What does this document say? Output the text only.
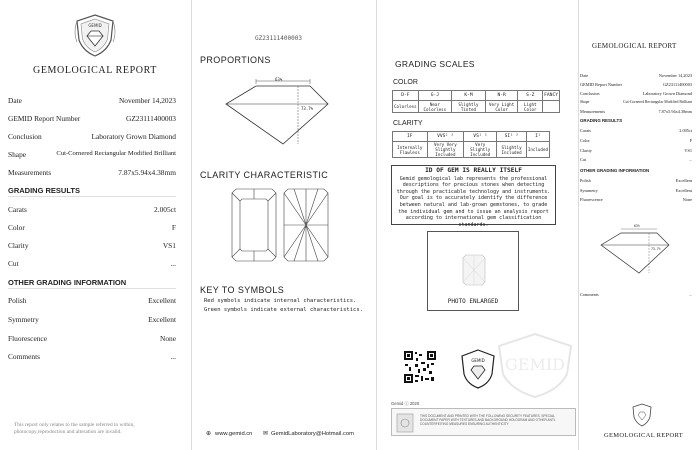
GEMID
GEMOLOGICAL REPORT
Date	November 14,2023
GEMID Report Number	GZ23111400003
Conclusion	Laboratory Grown Diamond
Shape	Cut-Cornered Rectangular Modified Brilliant
Measurements	7.87x5.94x4.38mm
GRADING RESULTS
Carats	2.005ct
Color	F
Clarity	VS1
Cut	...
OTHER GRADING INFORMATION
Polish	Excellent
Symmetry	Excellent
Fluorescence	None
Comments	...
This report only relates to the sample referred to within, photocopy,reproduction and alteration are invalid.
GZ23111400003
PROPORTIONS
63%
73.7%
CLARITY CHARACTERISTIC
KEY TO SYMBOLS
Red symbols indicate internal characteristics.
Green symbols indicate external characteristics.
⊕ www.gemid.cn ✉ GemidLaboratory@Hotmail.com
GRADING SCALES
COLOR
D-F	G-J	K-M	N-R	S-Z	FANCY
Colorless	Near Colorless	Slightly Tinted	Very Light Color	Light Color	
CLARITY
IF	VVS¹ ²	VS¹ ²	SI¹ ²	I¹
Internally Flawless	Very Very Slightly Included	Very Slightly Included	Slightly Included	Included
ID OF GEM IS REALLY ITSELF
Gemid gemological lab represents the professional descriptions for precious stones when detecting through the practicable technology and instruments. Our goal is to accurately identify the difference between natural and lab-grown gemstones, to grade the individual gem and to issue an analysis report according to international gem classification standards.
PHOTO ENLARGED
GEMID GEMID
Gemid ⓒ 2020
THIS DOCUMENT AND PRINTED WITH THE FOLLOWING SECURITY FEATURES. SPECIAL DOCUMENT PAPER WITH TEXTURES AND BACKGROUND HOLOGRAM AND OTHER ANTI-COUNTERFEITING MEASURES ENSURING AUTHENTICITY
GEMOLOGICAL REPORT
Date	November 14,2023
GEMID Report Number	GZ23111400003
Conclusion	Laboratory Grown Diamond
Shape	Cut-Cornered Rectangular Modified Brilliant
Measurements	7.87x5.94x4.38mm
GRADING RESULTS
Carats	2.005ct
Color	F
Clarity	VS1
Cut	...
OTHER GRADING INFORMATION
Polish	Excellent
Symmetry	Excellent
Fluorescence	None
63%
73.7%
Comments	...
GEMOLOGICAL REPORT
